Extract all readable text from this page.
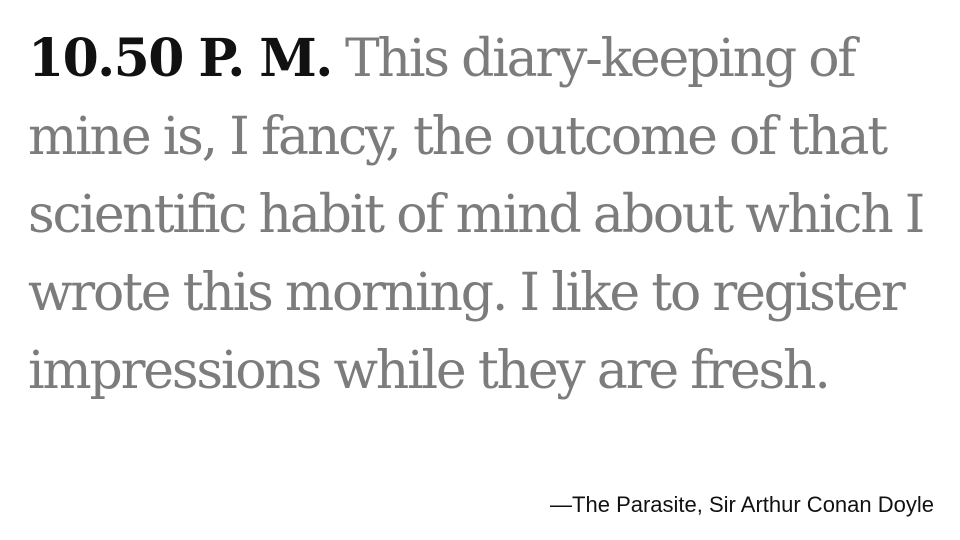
10.50 P. M. This diary-keeping of mine is, I fancy, the outcome of that scientific habit of mind about which I wrote this morning. I like to register impressions while they are fresh.

—The Parasite, Sir Arthur Conan Doyle
